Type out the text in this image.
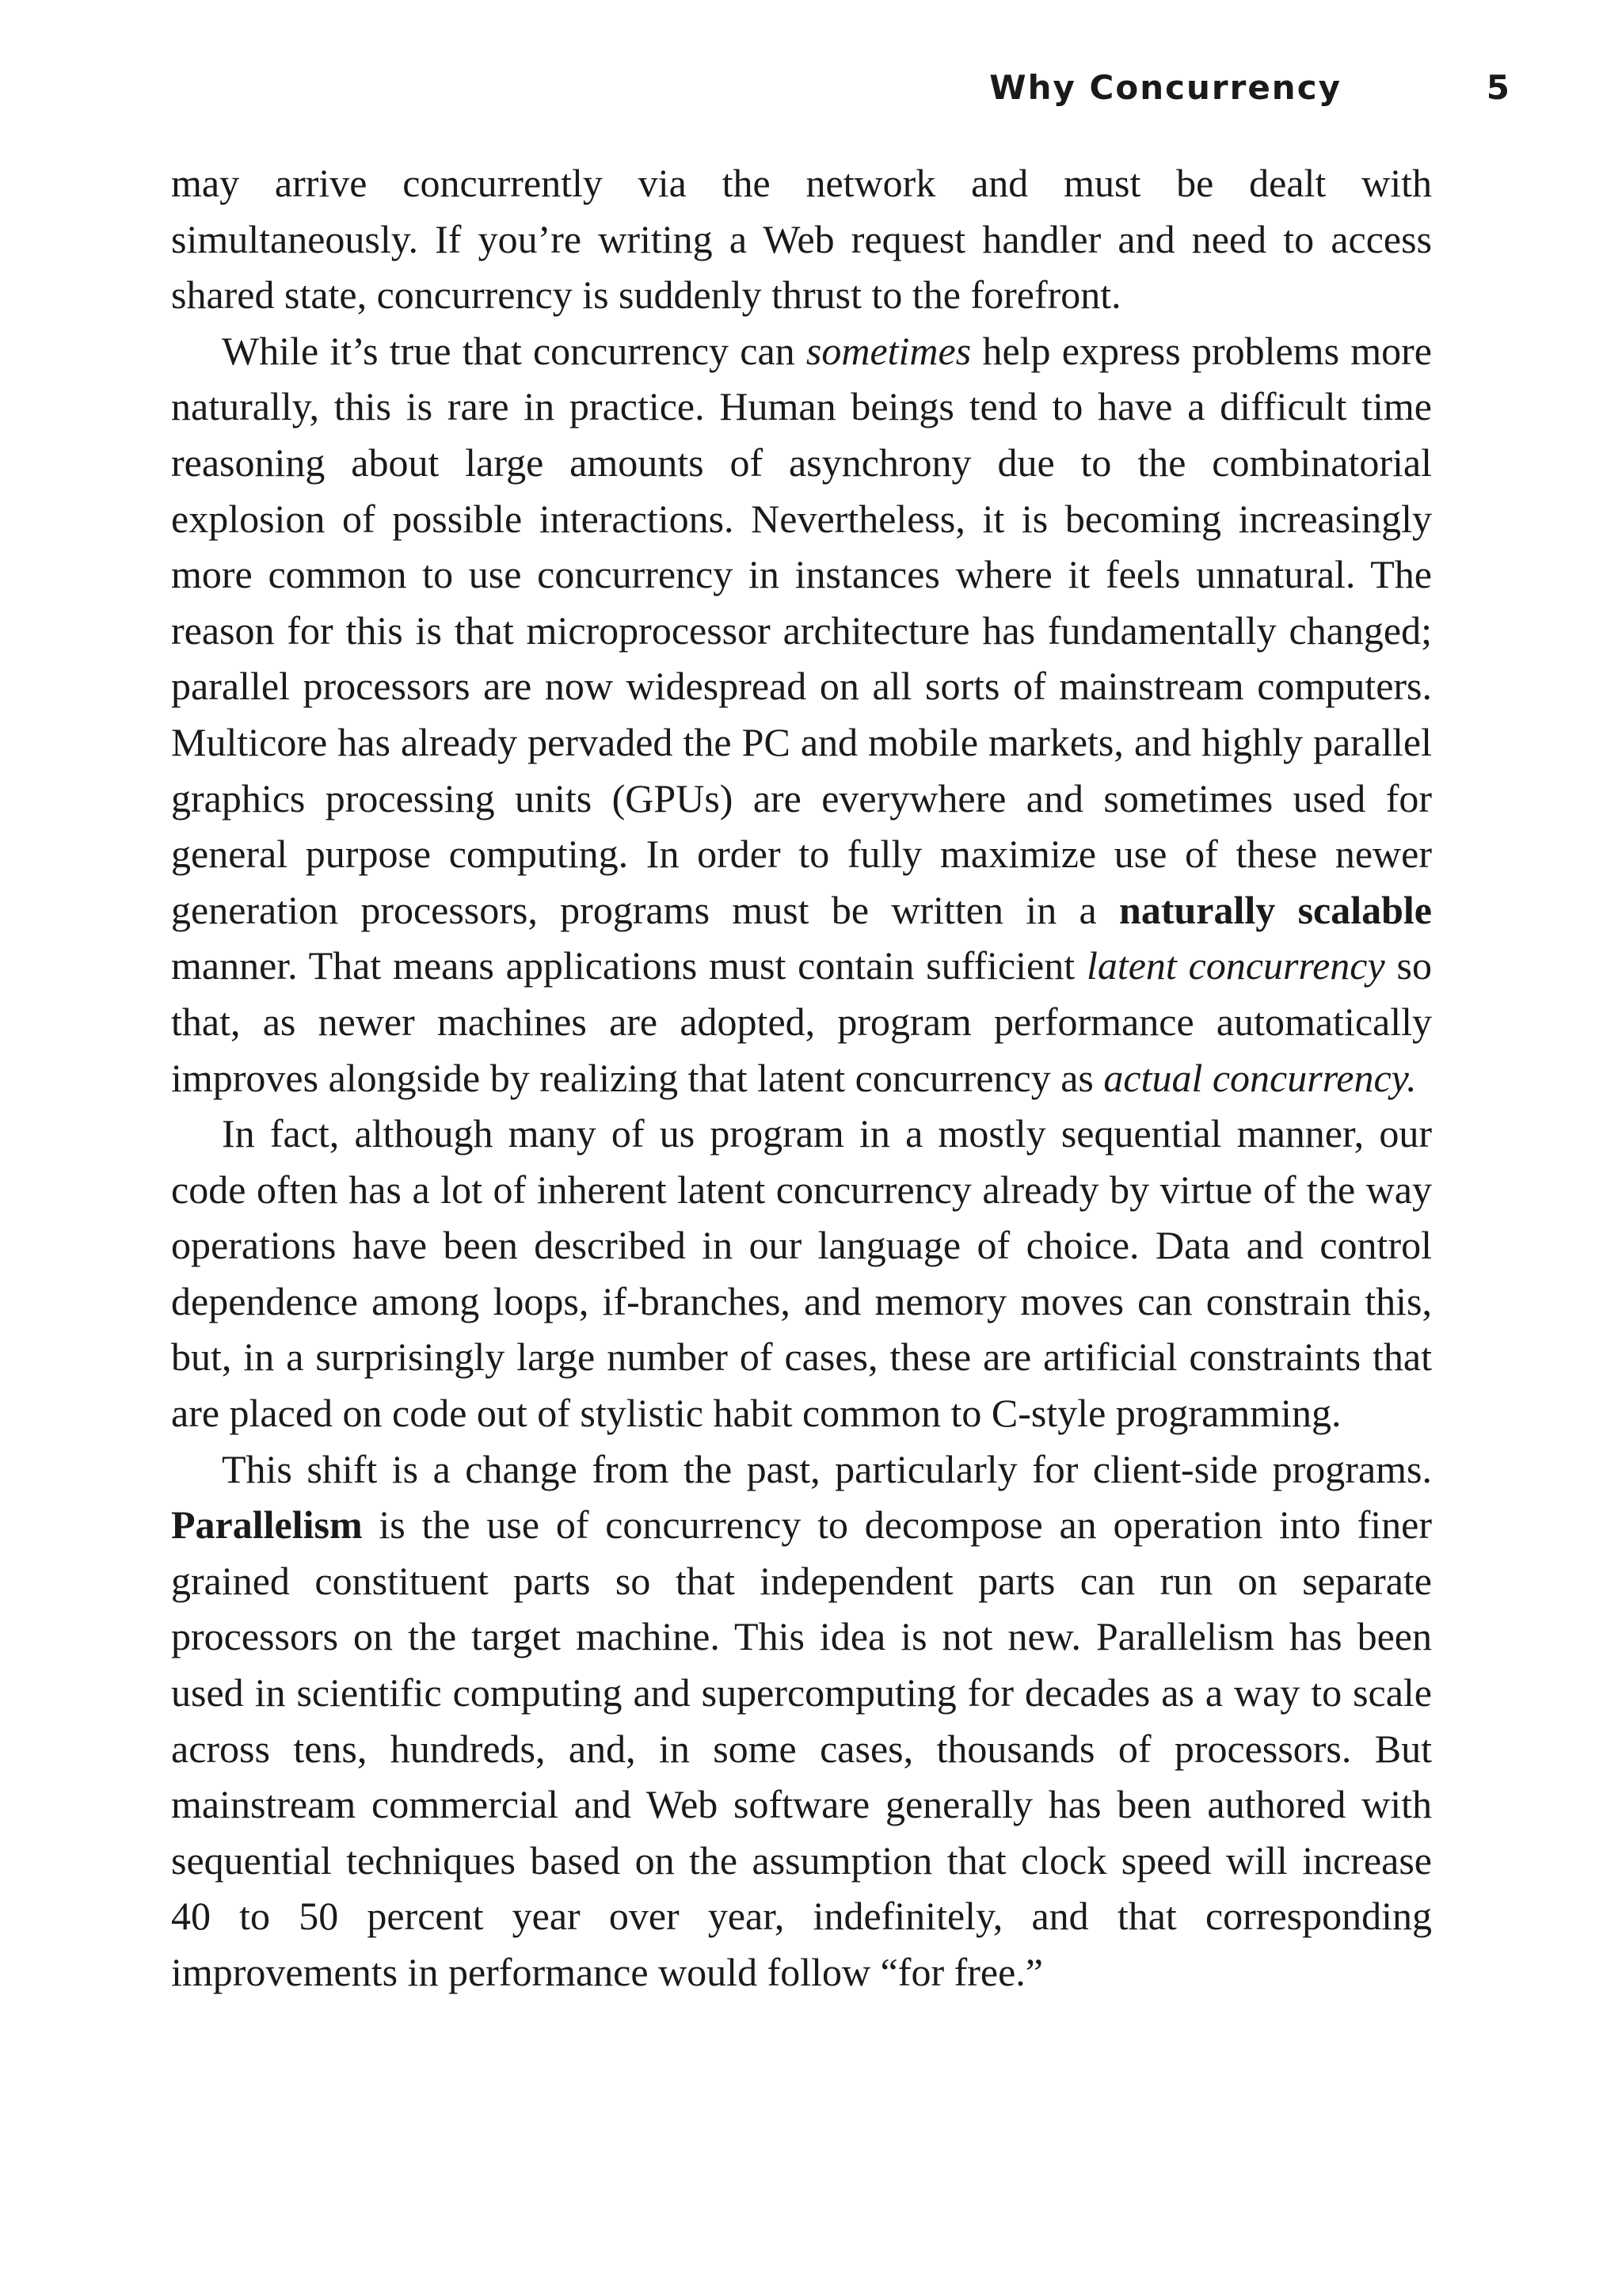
Why Concurrency	5

may arrive concurrently via the network and must be dealt with simultaneously. If you’re writing a Web request handler and need to access shared state, concurrency is suddenly thrust to the forefront.

While it’s true that concurrency can sometimes help express problems more naturally, this is rare in practice. Human beings tend to have a difficult time reasoning about large amounts of asynchrony due to the combinatorial explosion of possible interactions. Nevertheless, it is becoming increasingly more common to use concurrency in instances where it feels unnatural. The reason for this is that microprocessor architecture has fundamentally changed; parallel processors are now widespread on all sorts of mainstream computers. Multicore has already pervaded the PC and mobile markets, and highly parallel graphics processing units (GPUs) are everywhere and sometimes used for general purpose computing. In order to fully maximize use of these newer generation processors, programs must be written in a naturally scalable manner. That means applications must contain sufficient latent concurrency so that, as newer machines are adopted, program performance automatically improves alongside by realizing that latent concurrency as actual concurrency.

In fact, although many of us program in a mostly sequential manner, our code often has a lot of inherent latent concurrency already by virtue of the way operations have been described in our language of choice. Data and control dependence among loops, if-branches, and memory moves can constrain this, but, in a surprisingly large number of cases, these are artificial constraints that are placed on code out of stylistic habit common to C-style programming.

This shift is a change from the past, particularly for client-side programs. Parallelism is the use of concurrency to decompose an operation into finer grained constituent parts so that independent parts can run on separate processors on the target machine. This idea is not new. Parallelism has been used in scientific computing and supercomputing for decades as a way to scale across tens, hundreds, and, in some cases, thousands of processors. But mainstream commercial and Web software generally has been authored with sequential techniques based on the assumption that clock speed will increase 40 to 50 percent year over year, indefinitely, and that corresponding improvements in performance would follow “for free.”
